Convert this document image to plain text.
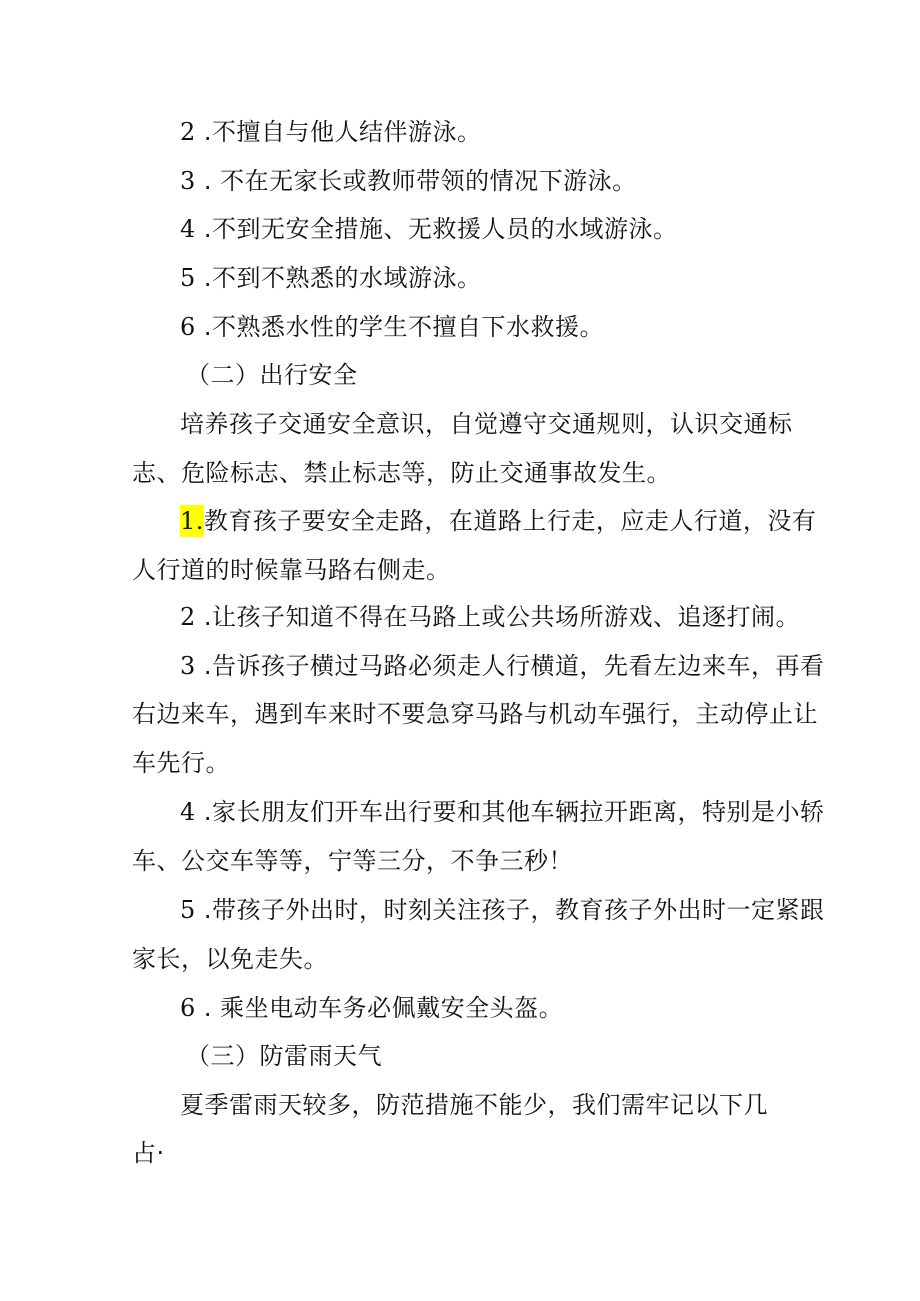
2 .不擅自与他人结伴游泳。
3 . 不在无家长或教师带领的情况下游泳。
4 .不到无安全措施、无救援人员的水域游泳。
5 .不到不熟悉的水域游泳。
6 .不熟悉水性的学生不擅自下水救援。
（二）出行安全
培养孩子交通安全意识，自觉遵守交通规则，认识交通标
志、危险标志、禁止标志等，防止交通事故发生。
1.教育孩子要安全走路，在道路上行走，应走人行道，没有
人行道的时候靠马路右侧走。
2 .让孩子知道不得在马路上或公共场所游戏、追逐打闹。
3 .告诉孩子横过马路必须走人行横道，先看左边来车，再看
右边来车，遇到车来时不要急穿马路与机动车强行，主动停止让
车先行。
4 .家长朋友们开车出行要和其他车辆拉开距离，特别是小轿
车、公交车等等，宁等三分，不争三秒！
5 .带孩子外出时，时刻关注孩子，教育孩子外出时一定紧跟
家长，以免走失。
6 . 乘坐电动车务必佩戴安全头盔。
（三）防雷雨天气
夏季雷雨天较多，防范措施不能少，我们需牢记以下几
占·
